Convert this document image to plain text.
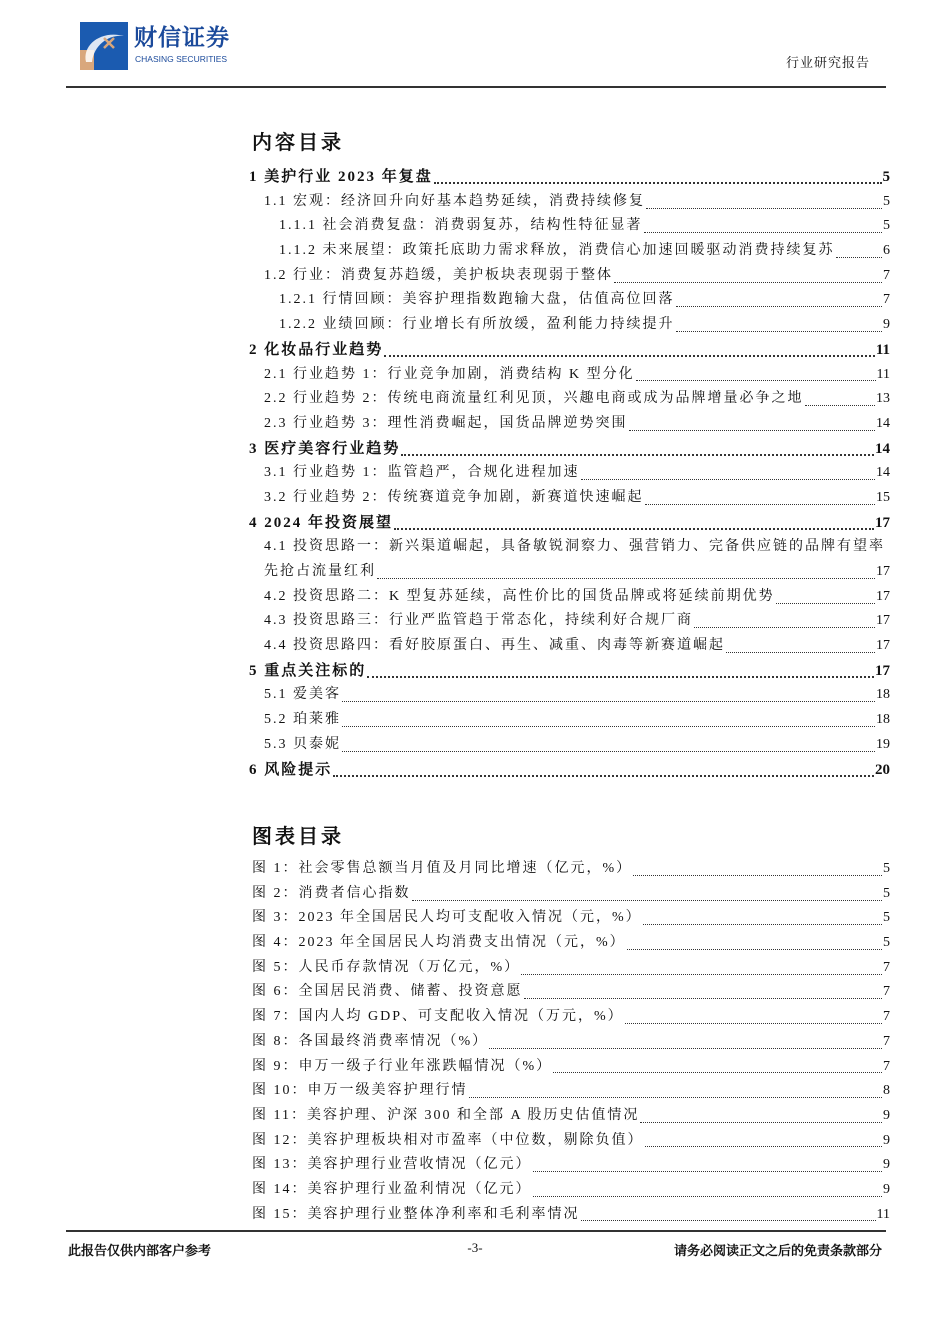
财信证券
CHASING SECURITIES	行业研究报告
内容目录
1 美护行业 2023 年复盘	5
1.1 宏观：经济回升向好基本趋势延续，消费持续修复	5
1.1.1 社会消费复盘：消费弱复苏，结构性特征显著	5
1.1.2 未来展望：政策托底助力需求释放，消费信心加速回暖驱动消费持续复苏	6
1.2 行业：消费复苏趋缓，美护板块表现弱于整体	7
1.2.1 行情回顾：美容护理指数跑输大盘，估值高位回落	7
1.2.2 业绩回顾：行业增长有所放缓，盈利能力持续提升	9
2 化妆品行业趋势	11
2.1 行业趋势 1：行业竞争加剧，消费结构 K 型分化	11
2.2 行业趋势 2：传统电商流量红利见顶，兴趣电商或成为品牌增量必争之地	13
2.3 行业趋势 3：理性消费崛起，国货品牌逆势突围	14
3 医疗美容行业趋势	14
3.1 行业趋势 1：监管趋严，合规化进程加速	14
3.2 行业趋势 2：传统赛道竞争加剧，新赛道快速崛起	15
4 2024 年投资展望	17
4.1 投资思路一：新兴渠道崛起，具备敏锐洞察力、强营销力、完备供应链的品牌有望率
先抢占流量红利	17
4.2 投资思路二：K 型复苏延续，高性价比的国货品牌或将延续前期优势	17
4.3 投资思路三：行业严监管趋于常态化，持续利好合规厂商	17
4.4 投资思路四：看好胶原蛋白、再生、减重、肉毒等新赛道崛起	17
5 重点关注标的	17
5.1 爱美客	18
5.2 珀莱雅	18
5.3 贝泰妮	19
6 风险提示	20
图表目录
图 1：社会零售总额当月值及月同比增速（亿元，%）	5
图 2：消费者信心指数	5
图 3：2023 年全国居民人均可支配收入情况（元，%）	5
图 4：2023 年全国居民人均消费支出情况（元，%）	5
图 5：人民币存款情况（万亿元，%）	7
图 6：全国居民消费、储蓄、投资意愿	7
图 7：国内人均 GDP、可支配收入情况（万元，%）	7
图 8：各国最终消费率情况（%）	7
图 9：申万一级子行业年涨跌幅情况（%）	7
图 10：申万一级美容护理行情	8
图 11：美容护理、沪深 300 和全部 A 股历史估值情况	9
图 12：美容护理板块相对市盈率（中位数，剔除负值）	9
图 13：美容护理行业营收情况（亿元）	9
图 14：美容护理行业盈利情况（亿元）	9
图 15：美容护理行业整体净利率和毛利率情况	11
此报告仅供内部客户参考	-3-	请务必阅读正文之后的免责条款部分
